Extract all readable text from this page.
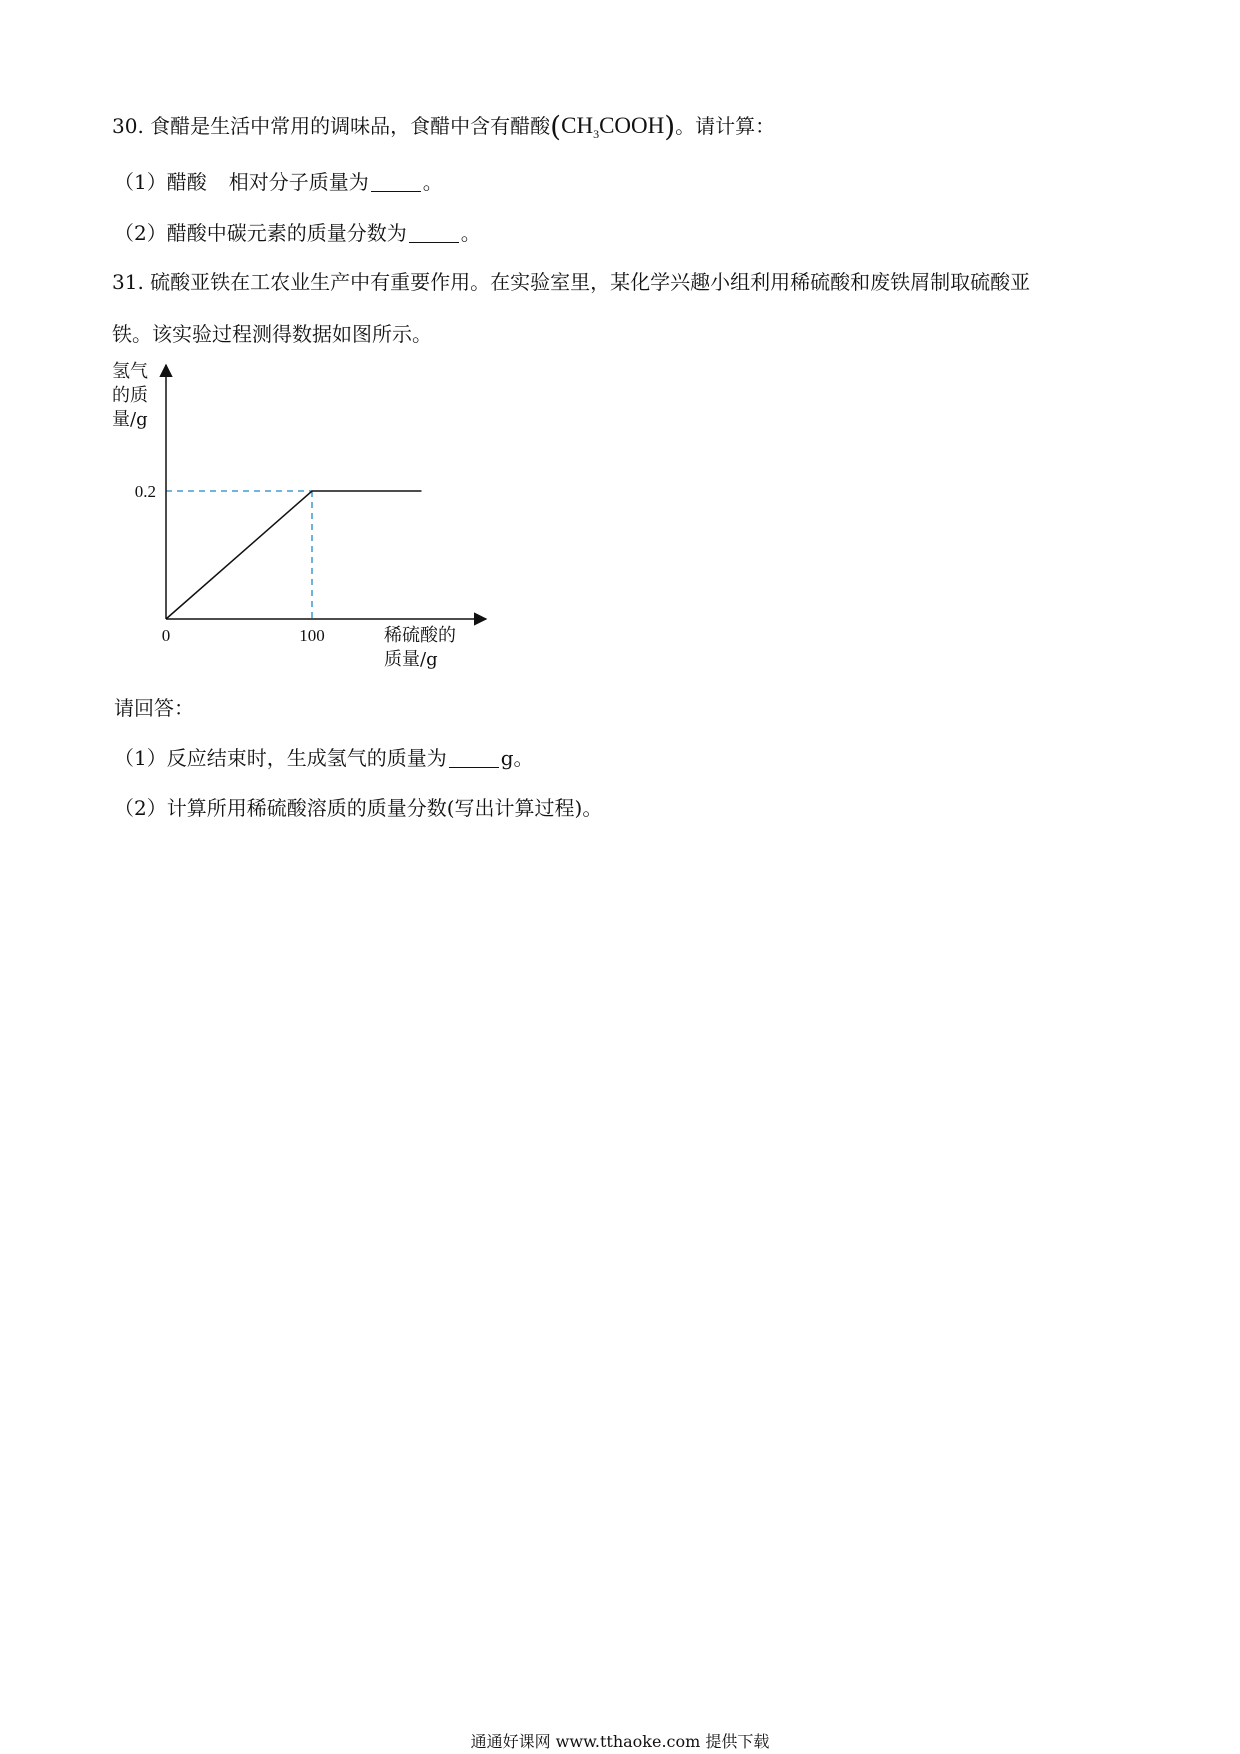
30. 食醋是生活中常用的调味品，食醋中含有醋酸$(CH_3COOH)$。请计算：
（1）醋酸 相对分子质量为	。
（2）醋酸中碳元素的质量分数为	。
31. 硫酸亚铁在工农业生产中有重要作用。在实验室里，某化学兴趣小组利用稀硫酸和废铁屑制取硫酸亚
铁。该实验过程测得数据如图所示。
氢气
的质
量/g
稀硫酸的
质量/g
0	100
0.2
请回答：
（1）反应结束时，生成氢气的质量为	g。
（2）计算所用稀硫酸溶质的质量分数(写出计算过程)。
通通好课网 www.tthaoke.com 提供下载
